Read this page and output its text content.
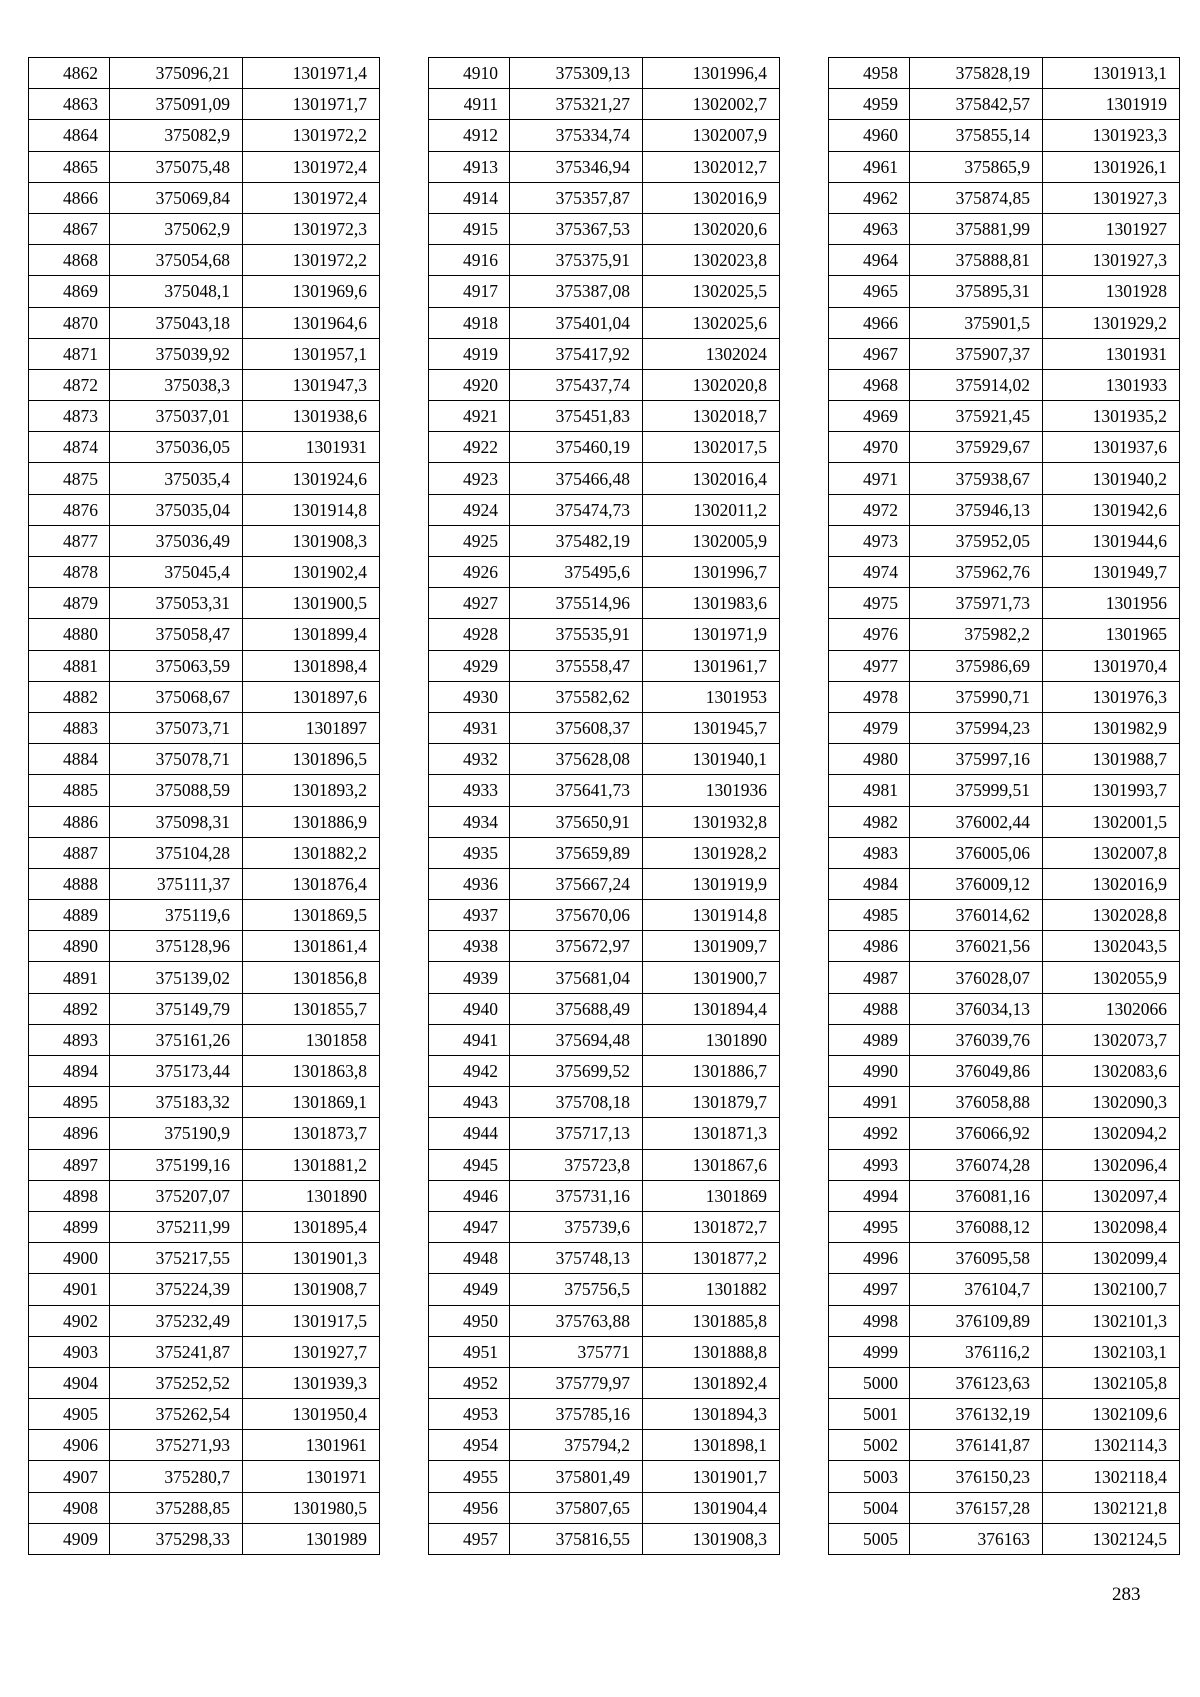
4862	375096,21	1301971,4
4863	375091,09	1301971,7
4864	375082,9	1301972,2
4865	375075,48	1301972,4
4866	375069,84	1301972,4
4867	375062,9	1301972,3
4868	375054,68	1301972,2
4869	375048,1	1301969,6
4870	375043,18	1301964,6
4871	375039,92	1301957,1
4872	375038,3	1301947,3
4873	375037,01	1301938,6
4874	375036,05	1301931
4875	375035,4	1301924,6
4876	375035,04	1301914,8
4877	375036,49	1301908,3
4878	375045,4	1301902,4
4879	375053,31	1301900,5
4880	375058,47	1301899,4
4881	375063,59	1301898,4
4882	375068,67	1301897,6
4883	375073,71	1301897
4884	375078,71	1301896,5
4885	375088,59	1301893,2
4886	375098,31	1301886,9
4887	375104,28	1301882,2
4888	375111,37	1301876,4
4889	375119,6	1301869,5
4890	375128,96	1301861,4
4891	375139,02	1301856,8
4892	375149,79	1301855,7
4893	375161,26	1301858
4894	375173,44	1301863,8
4895	375183,32	1301869,1
4896	375190,9	1301873,7
4897	375199,16	1301881,2
4898	375207,07	1301890
4899	375211,99	1301895,4
4900	375217,55	1301901,3
4901	375224,39	1301908,7
4902	375232,49	1301917,5
4903	375241,87	1301927,7
4904	375252,52	1301939,3
4905	375262,54	1301950,4
4906	375271,93	1301961
4907	375280,7	1301971
4908	375288,85	1301980,5
4909	375298,33	1301989
4910	375309,13	1301996,4
4911	375321,27	1302002,7
4912	375334,74	1302007,9
4913	375346,94	1302012,7
4914	375357,87	1302016,9
4915	375367,53	1302020,6
4916	375375,91	1302023,8
4917	375387,08	1302025,5
4918	375401,04	1302025,6
4919	375417,92	1302024
4920	375437,74	1302020,8
4921	375451,83	1302018,7
4922	375460,19	1302017,5
4923	375466,48	1302016,4
4924	375474,73	1302011,2
4925	375482,19	1302005,9
4926	375495,6	1301996,7
4927	375514,96	1301983,6
4928	375535,91	1301971,9
4929	375558,47	1301961,7
4930	375582,62	1301953
4931	375608,37	1301945,7
4932	375628,08	1301940,1
4933	375641,73	1301936
4934	375650,91	1301932,8
4935	375659,89	1301928,2
4936	375667,24	1301919,9
4937	375670,06	1301914,8
4938	375672,97	1301909,7
4939	375681,04	1301900,7
4940	375688,49	1301894,4
4941	375694,48	1301890
4942	375699,52	1301886,7
4943	375708,18	1301879,7
4944	375717,13	1301871,3
4945	375723,8	1301867,6
4946	375731,16	1301869
4947	375739,6	1301872,7
4948	375748,13	1301877,2
4949	375756,5	1301882
4950	375763,88	1301885,8
4951	375771	1301888,8
4952	375779,97	1301892,4
4953	375785,16	1301894,3
4954	375794,2	1301898,1
4955	375801,49	1301901,7
4956	375807,65	1301904,4
4957	375816,55	1301908,3
4958	375828,19	1301913,1
4959	375842,57	1301919
4960	375855,14	1301923,3
4961	375865,9	1301926,1
4962	375874,85	1301927,3
4963	375881,99	1301927
4964	375888,81	1301927,3
4965	375895,31	1301928
4966	375901,5	1301929,2
4967	375907,37	1301931
4968	375914,02	1301933
4969	375921,45	1301935,2
4970	375929,67	1301937,6
4971	375938,67	1301940,2
4972	375946,13	1301942,6
4973	375952,05	1301944,6
4974	375962,76	1301949,7
4975	375971,73	1301956
4976	375982,2	1301965
4977	375986,69	1301970,4
4978	375990,71	1301976,3
4979	375994,23	1301982,9
4980	375997,16	1301988,7
4981	375999,51	1301993,7
4982	376002,44	1302001,5
4983	376005,06	1302007,8
4984	376009,12	1302016,9
4985	376014,62	1302028,8
4986	376021,56	1302043,5
4987	376028,07	1302055,9
4988	376034,13	1302066
4989	376039,76	1302073,7
4990	376049,86	1302083,6
4991	376058,88	1302090,3
4992	376066,92	1302094,2
4993	376074,28	1302096,4
4994	376081,16	1302097,4
4995	376088,12	1302098,4
4996	376095,58	1302099,4
4997	376104,7	1302100,7
4998	376109,89	1302101,3
4999	376116,2	1302103,1
5000	376123,63	1302105,8
5001	376132,19	1302109,6
5002	376141,87	1302114,3
5003	376150,23	1302118,4
5004	376157,28	1302121,8
5005	376163	1302124,5
283
